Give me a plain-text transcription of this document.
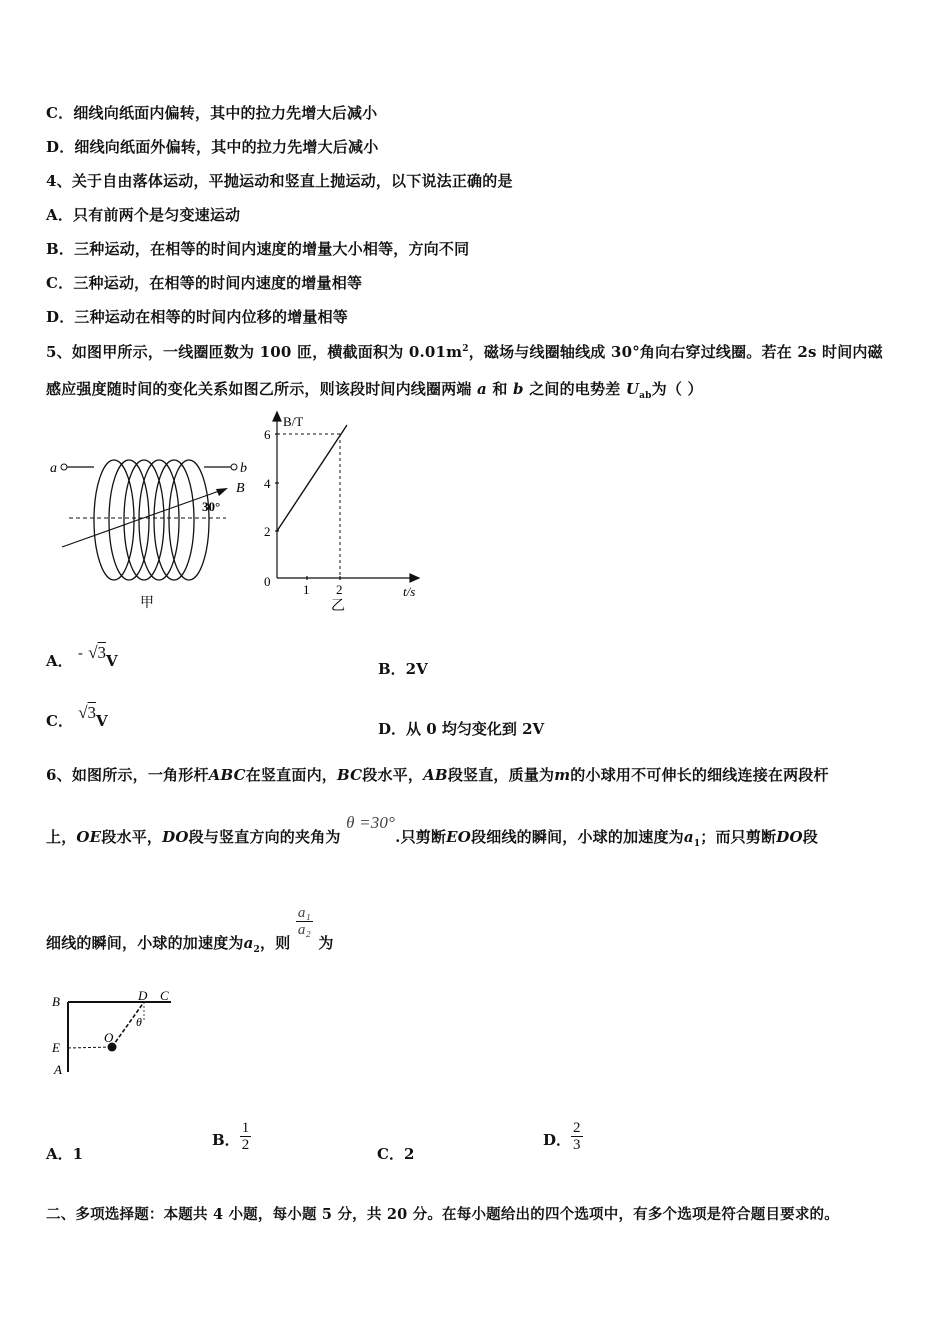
C．细线向纸面内偏转，其中的拉力先增大后减小
D．细线向纸面外偏转，其中的拉力先增大后减小
4、关于自由落体运动，平抛运动和竖直上抛运动，以下说法正确的是
A．只有前两个是匀变速运动
B．三种运动，在相等的时间内速度的增量大小相等，方向不同
C．三种运动，在相等的时间内速度的增量相等
D．三种运动在相等的时间内位移的增量相等
5、如图甲所示，一线圈匝数为 100 匝，横截面积为 $0.01m^2$，磁场与线圈轴线成 30°角向右穿过线圈。若在 2s 时间内磁
感应强度随时间的变化关系如图乙所示，则该段时间内线圈两端 a 和 b 之间的电势差 $U_{ab}$为（ ）
a	b
B
30°
甲
B/T
t/s
0
2
4
6
1 2
乙
A． - √3V	B．2V
C． √3V	D．从 0 均匀变化到 2V
6、如图所示，一角形杆ABC在竖直面内，BC段水平，AB段竖直，质量为m的小球用不可伸长的细线连接在两段杆
上，OE段水平，DO段与竖直方向的夹角为 θ =30°.只剪断EO段细线的瞬间，小球的加速度为$a_1$；而只剪断DO段
细线的瞬间，小球的加速度为$a_2$，则
$\frac{\text{a₁}}{\text{a₂}}$
为
B	D C
E
O
A
θ
A．1
B． $\frac{1}{2}$
C．2
D． $\frac{2}{3}$
二、多项选择题：本题共 4 小题，每小题 5 分，共 20 分。在每小题给出的四个选项中，有多个选项是符合题目要求的。
